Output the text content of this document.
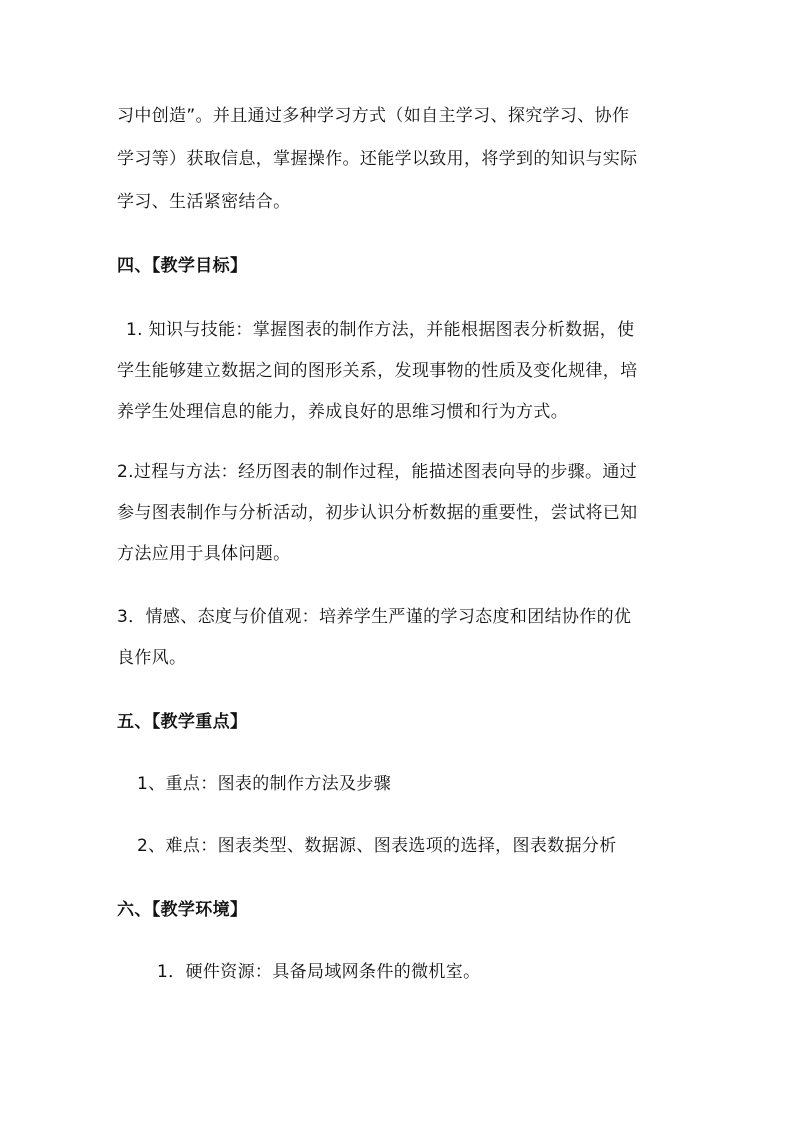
习中创造”。并且通过多种学习方式（如自主学习、探究学习、协作
学习等）获取信息，掌握操作。还能学以致用，将学到的知识与实际
学习、生活紧密结合。
四、【教学目标】
1. 知识与技能：掌握图表的制作方法，并能根据图表分析数据，使
学生能够建立数据之间的图形关系，发现事物的性质及变化规律，培
养学生处理信息的能力，养成良好的思维习惯和行为方式。
2.过程与方法：经历图表的制作过程，能描述图表向导的步骤。通过
参与图表制作与分析活动，初步认识分析数据的重要性，尝试将已知
方法应用于具体问题。
3．情感、态度与价值观：培养学生严谨的学习态度和团结协作的优
良作风。
五、【教学重点】
1、重点：图表的制作方法及步骤
2、难点：图表类型、数据源、图表选项的选择，图表数据分析
六、【教学环境】
1．硬件资源：具备局域网条件的微机室。
